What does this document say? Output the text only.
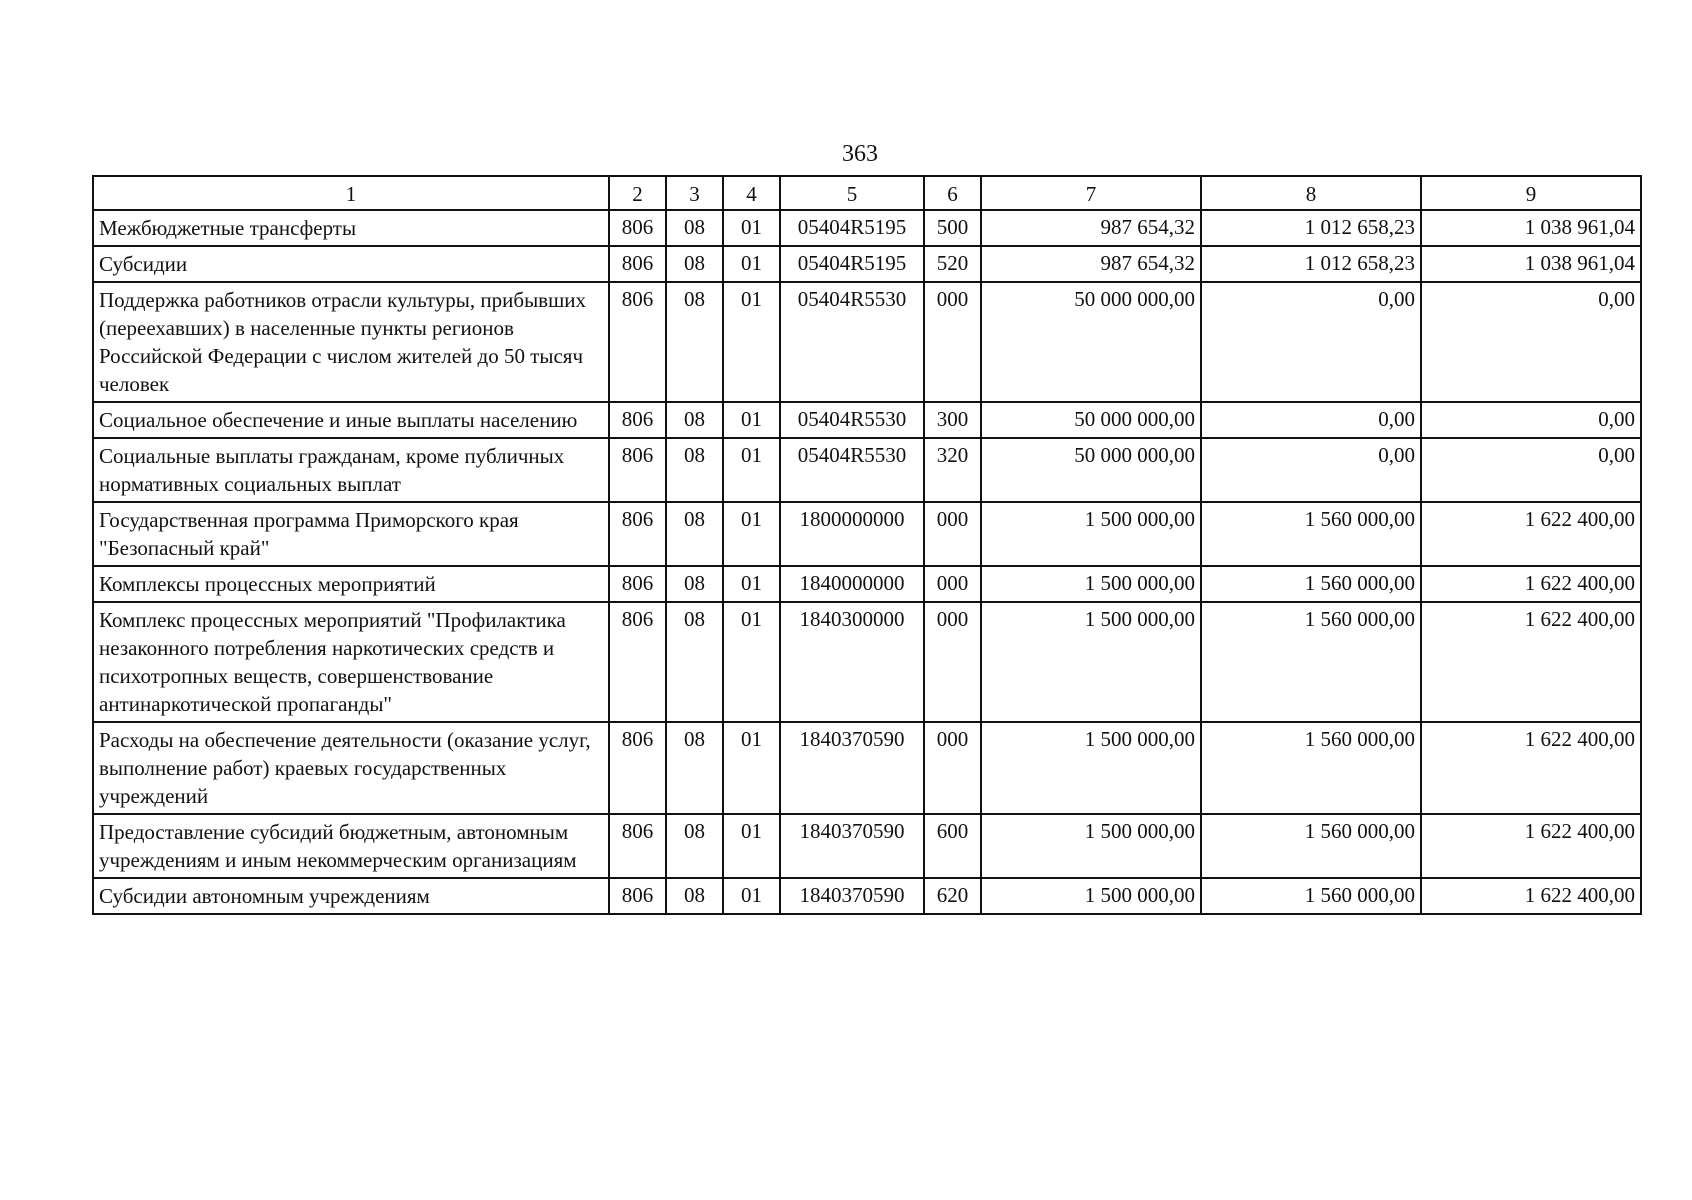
363
1	2	3	4	5	6	7	8	9
Межбюджетные трансферты	806	08	01	05404R5195	500	987 654,32	1 012 658,23	1 038 961,04
Субсидии	806	08	01	05404R5195	520	987 654,32	1 012 658,23	1 038 961,04
Поддержка работников отрасли культуры, прибывших (переехавших) в населенные пункты регионов Российской Федерации с числом жителей до 50 тысяч человек	806	08	01	05404R5530	000	50 000 000,00	0,00	0,00
Социальное обеспечение и иные выплаты населению	806	08	01	05404R5530	300	50 000 000,00	0,00	0,00
Социальные выплаты гражданам, кроме публичных нормативных социальных выплат	806	08	01	05404R5530	320	50 000 000,00	0,00	0,00
Государственная программа Приморского края "Безопасный край"	806	08	01	1800000000	000	1 500 000,00	1 560 000,00	1 622 400,00
Комплексы процессных мероприятий	806	08	01	1840000000	000	1 500 000,00	1 560 000,00	1 622 400,00
Комплекс процессных мероприятий "Профилактика незаконного потребления наркотических средств и психотропных веществ, совершенствование антинаркотической пропаганды"	806	08	01	1840300000	000	1 500 000,00	1 560 000,00	1 622 400,00
Расходы на обеспечение деятельности (оказание услуг, выполнение работ) краевых государственных учреждений	806	08	01	1840370590	000	1 500 000,00	1 560 000,00	1 622 400,00
Предоставление субсидий бюджетным, автономным учреждениям и иным некоммерческим организациям	806	08	01	1840370590	600	1 500 000,00	1 560 000,00	1 622 400,00
Субсидии автономным учреждениям	806	08	01	1840370590	620	1 500 000,00	1 560 000,00	1 622 400,00
